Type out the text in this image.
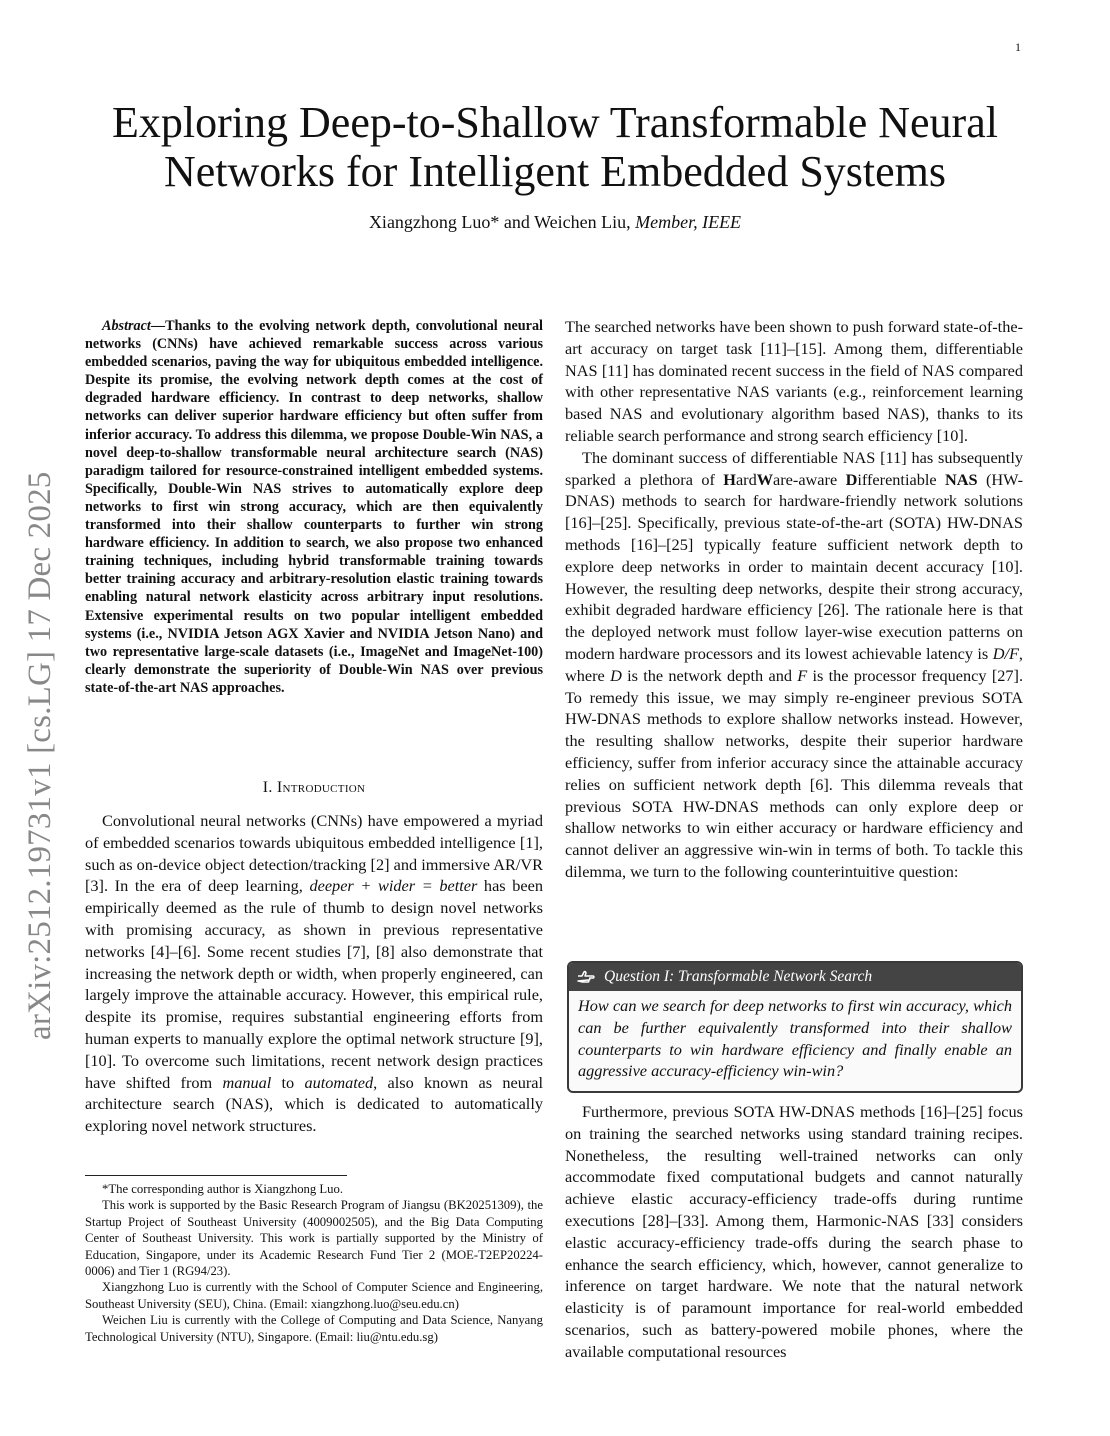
1
arXiv:2512.19731v1 [cs.LG] 17 Dec 2025
Exploring Deep-to-Shallow Transformable Neural
Networks for Intelligent Embedded Systems
Xiangzhong Luo* and Weichen Liu, Member, IEEE

Abstract—Thanks to the evolving network depth, convolutional neural networks (CNNs) have achieved remarkable success across various embedded scenarios, paving the way for ubiquitous embedded intelligence. Despite its promise, the evolving network depth comes at the cost of degraded hardware efficiency. In contrast to deep networks, shallow networks can deliver superior hardware efficiency but often suffer from inferior accuracy. To address this dilemma, we propose Double-Win NAS, a novel deep-to-shallow transformable neural architecture search (NAS) paradigm tailored for resource-constrained intelligent embedded systems. Specifically, Double-Win NAS strives to automatically explore deep networks to first win strong accuracy, which are then equivalently transformed into their shallow counterparts to further win strong hardware efficiency. In addition to search, we also propose two enhanced training techniques, including hybrid transformable training towards better training accuracy and arbitrary-resolution elastic training towards enabling natural network elasticity across arbitrary input resolutions. Extensive experimental results on two popular intelligent embedded systems (i.e., NVIDIA Jetson AGX Xavier and NVIDIA Jetson Nano) and two representative large-scale datasets (i.e., ImageNet and ImageNet-100) clearly demonstrate the superiority of Double-Win NAS over previous state-of-the-art NAS approaches.

I. Introduction

Convolutional neural networks (CNNs) have empowered a myriad of embedded scenarios towards ubiquitous embedded intelligence [1], such as on-device object detection/tracking [2] and immersive AR/VR [3]. In the era of deep learning, deeper + wider = better has been empirically deemed as the rule of thumb to design novel networks with promising accuracy, as shown in previous representative networks [4]–[6]. Some recent studies [7], [8] also demonstrate that increasing the network depth or width, when properly engineered, can largely improve the attainable accuracy. However, this empirical rule, despite its promise, requires substantial engineering efforts from human experts to manually explore the optimal network structure [9], [10]. To overcome such limitations, recent network design practices have shifted from manual to automated, also known as neural architecture search (NAS), which is dedicated to automatically exploring novel network structures.

*The corresponding author is Xiangzhong Luo.

This work is supported by the Basic Research Program of Jiangsu (BK20251309), the Startup Project of Southeast University (4009002505), and the Big Data Computing Center of Southeast University. This work is partially supported by the Ministry of Education, Singapore, under its Academic Research Fund Tier 2 (MOE-T2EP20224-0006) and Tier 1 (RG94/23).

Xiangzhong Luo is currently with the School of Computer Science and Engineering, Southeast University (SEU), China. (Email: xiangzhong.luo@seu.edu.cn)

Weichen Liu is currently with the College of Computing and Data Science, Nanyang Technological University (NTU), Singapore. (Email: liu@ntu.edu.sg)

The searched networks have been shown to push forward state-of-the-art accuracy on target task [11]–[15]. Among them, differentiable NAS [11] has dominated recent success in the field of NAS compared with other representative NAS variants (e.g., reinforcement learning based NAS and evolutionary algorithm based NAS), thanks to its reliable search performance and strong search efficiency [10].

The dominant success of differentiable NAS [11] has subsequently sparked a plethora of HardWare-aware Differentiable NAS (HW-DNAS) methods to search for hardware-friendly network solutions [16]–[25]. Specifically, previous state-of-the-art (SOTA) HW-DNAS methods [16]–[25] typically feature sufficient network depth to explore deep networks in order to maintain decent accuracy [10]. However, the resulting deep networks, despite their strong accuracy, exhibit degraded hardware efficiency [26]. The rationale here is that the deployed network must follow layer-wise execution patterns on modern hardware processors and its lowest achievable latency is D/F, where D is the network depth and F is the processor frequency [27]. To remedy this issue, we may simply re-engineer previous SOTA HW-DNAS methods to explore shallow networks instead. However, the resulting shallow networks, despite their superior hardware efficiency, suffer from inferior accuracy since the attainable accuracy relies on sufficient network depth [6]. This dilemma reveals that previous SOTA HW-DNAS methods can only explore deep or shallow networks to win either accuracy or hardware efficiency and cannot deliver an aggressive win-win in terms of both. To tackle this dilemma, we turn to the following counterintuitive question:

Question I: Transformable Network Search
How can we search for deep networks to first win accuracy, which can be further equivalently transformed into their shallow counterparts to win hardware efficiency and finally enable an aggressive accuracy-efficiency win-win?

Furthermore, previous SOTA HW-DNAS methods [16]–[25] focus on training the searched networks using standard training recipes. Nonetheless, the resulting well-trained networks can only accommodate fixed computational budgets and cannot naturally achieve elastic accuracy-efficiency trade-offs during runtime executions [28]–[33]. Among them, Harmonic-NAS [33] considers elastic accuracy-efficiency trade-offs during the search phase to enhance the search efficiency, which, however, cannot generalize to inference on target hardware. We note that the natural network elasticity is of paramount importance for real-world embedded scenarios, such as battery-powered mobile phones, where the available computational resources
